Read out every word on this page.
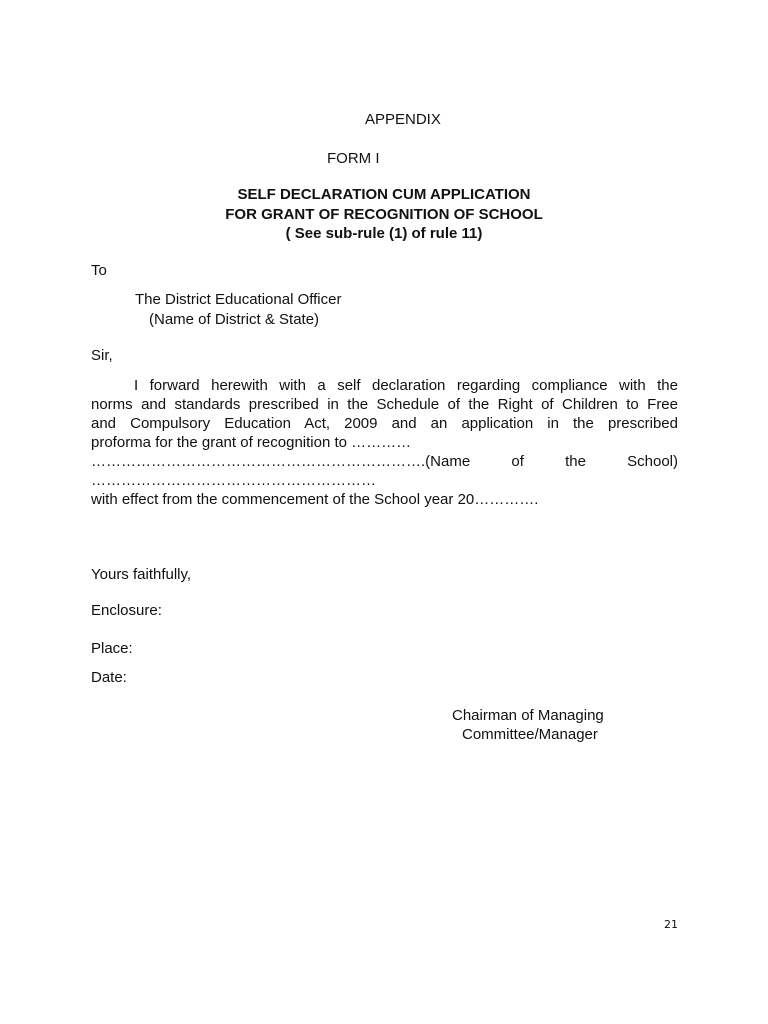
APPENDIX
FORM I
SELF DECLARATION CUM APPLICATION
FOR GRANT OF RECOGNITION OF SCHOOL
( See sub-rule (1) of rule 11)
To
The District Educational Officer
(Name of District & State)
Sir,
I forward herewith with a self declaration regarding compliance with the
norms and standards prescribed in the Schedule of the Right of Children to Free
and Compulsory Education Act, 2009 and an application in the prescribed
proforma for the grant of recognition to …………
………………………………………………………….(Name	of	the	School)
…………………………………………………
with effect from the commencement of the School year 20………….
Yours faithfully,
Enclosure:
Place:
Date:
Chairman of Managing
Committee/Manager
21
